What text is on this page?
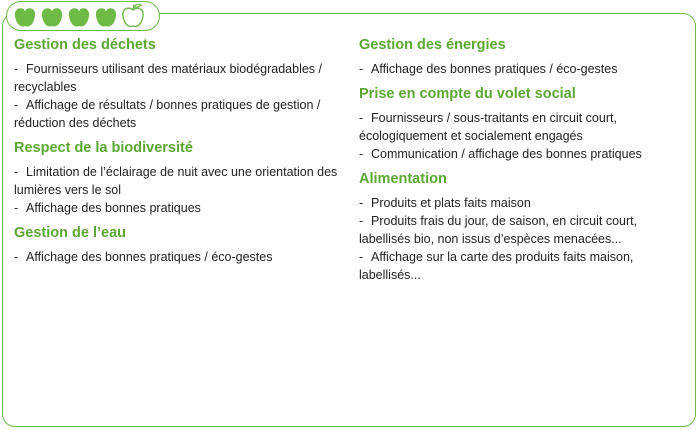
Gestion des déchets

- Fournisseurs utilisant des matériaux biodégradables / recyclables

- Affichage de résultats / bonnes pratiques de gestion / réduction des déchets

Respect de la biodiversité

- Limitation de l’éclairage de nuit avec une orientation des lumières vers le sol

- Affichage des bonnes pratiques

Gestion de l’eau

- Affichage des bonnes pratiques / éco-gestes

Gestion des énergies

- Affichage des bonnes pratiques / éco-gestes

Prise en compte du volet social

- Fournisseurs / sous-traitants en circuit court, écologiquement et socialement engagés

- Communication / affichage des bonnes pratiques

Alimentation

- Produits et plats faits maison

- Produits frais du jour, de saison, en circuit court, labellisés bio, non issus d’espèces menacées...

- Affichage sur la carte des produits faits maison, labellisés...
